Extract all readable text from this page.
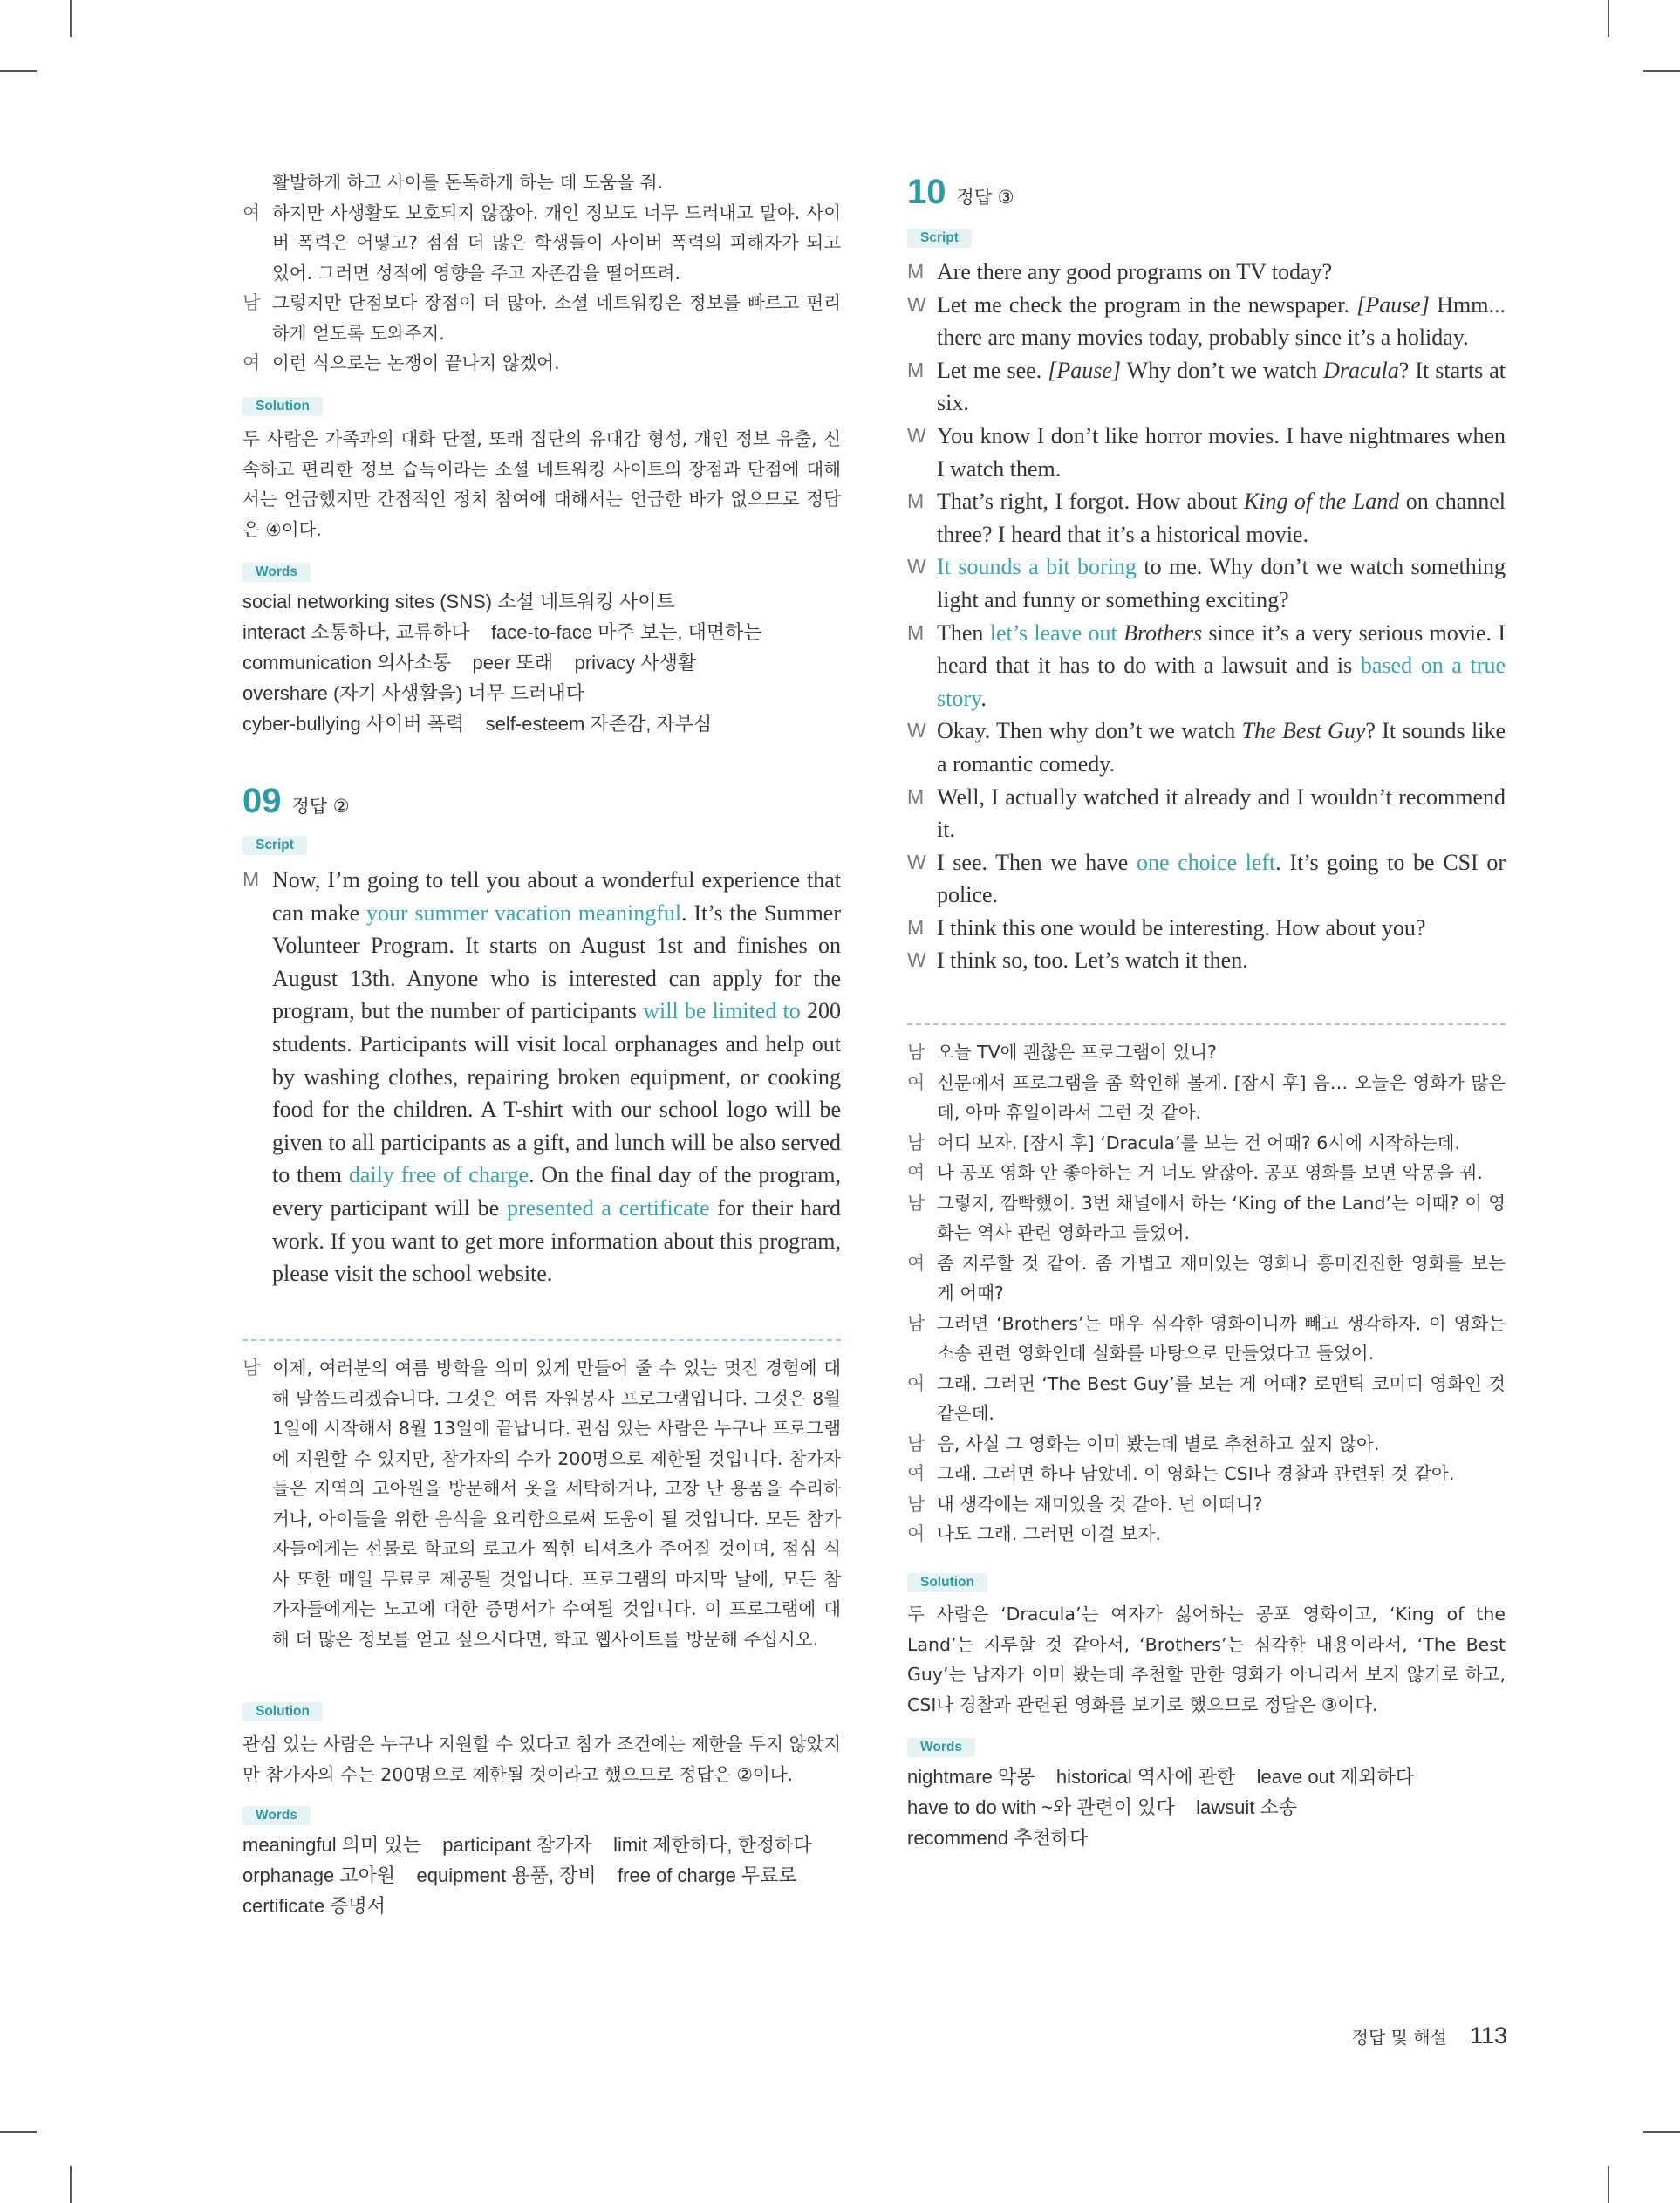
활발하게 하고 사이를 돈독하게 하는 데 도움을 줘.
여 하지만 사생활도 보호되지 않잖아. 개인 정보도 너무 드러내고 말야. 사이버 폭력은 어떻고? 점점 더 많은 학생들이 사이버 폭력의 피해자가 되고 있어. 그러면 성적에 영향을 주고 자존감을 떨어뜨려.
남 그렇지만 단점보다 장점이 더 많아. 소셜 네트워킹은 정보를 빠르고 편리하게 얻도록 도와주지.
여 이런 식으로는 논쟁이 끝나지 않겠어.
Solution
두 사람은 가족과의 대화 단절, 또래 집단의 유대감 형성, 개인 정보 유출, 신속하고 편리한 정보 습득이라는 소셜 네트워킹 사이트의 장점과 단점에 대해서는 언급했지만 간접적인 정치 참여에 대해서는 언급한 바가 없으므로 정답은 ④이다.
Words
social networking sites (SNS) 소셜 네트워킹 사이트
interact 소통하다, 교류하다    face-to-face 마주 보는, 대면하는
communication 의사소통    peer 또래    privacy 사생활
overshare (자기 사생활을) 너무 드러내다
cyber-bullying 사이버 폭력    self-esteem 자존감, 자부심
09 정답 ②
Script
M Now, I’m going to tell you about a wonderful experience that can make your summer vacation meaningful. It’s the Summer Volunteer Program. It starts on August 1st and finishes on August 13th. Anyone who is interested can apply for the program, but the number of participants will be limited to 200 students. Participants will visit local orphanages and help out by washing clothes, repairing broken equipment, or cooking food for the children. A T-shirt with our school logo will be given to all participants as a gift, and lunch will be also served to them daily free of charge. On the final day of the program, every participant will be presented a certificate for their hard work. If you want to get more information about this program, please visit the school website.
남 이제, 여러분의 여름 방학을 의미 있게 만들어 줄 수 있는 멋진 경험에 대해 말씀드리겠습니다. 그것은 여름 자원봉사 프로그램입니다. 그것은 8월 1일에 시작해서 8월 13일에 끝납니다. 관심 있는 사람은 누구나 프로그램에 지원할 수 있지만, 참가자의 수가 200명으로 제한될 것입니다. 참가자들은 지역의 고아원을 방문해서 옷을 세탁하거나, 고장 난 용품을 수리하거나, 아이들을 위한 음식을 요리함으로써 도움이 될 것입니다. 모든 참가자들에게는 선물로 학교의 로고가 찍힌 티셔츠가 주어질 것이며, 점심 식사 또한 매일 무료로 제공될 것입니다. 프로그램의 마지막 날에, 모든 참가자들에게는 노고에 대한 증명서가 수여될 것입니다. 이 프로그램에 대해 더 많은 정보를 얻고 싶으시다면, 학교 웹사이트를 방문해 주십시오.
Solution
관심 있는 사람은 누구나 지원할 수 있다고 참가 조건에는 제한을 두지 않았지만 참가자의 수는 200명으로 제한될 것이라고 했으므로 정답은 ②이다.
Words
meaningful 의미 있는    participant 참가자    limit 제한하다, 한정하다
orphanage 고아원    equipment 용품, 장비    free of charge 무료로
certificate 증명서
10 정답 ③
Script
M Are there any good programs on TV today?
W Let me check the program in the newspaper. [Pause] Hmm... there are many movies today, probably since it’s a holiday.
M Let me see. [Pause] Why don’t we watch Dracula? It starts at six.
W You know I don’t like horror movies. I have nightmares when I watch them.
M That’s right, I forgot. How about King of the Land on channel three? I heard that it’s a historical movie.
W It sounds a bit boring to me. Why don’t we watch something light and funny or something exciting?
M Then let’s leave out Brothers since it’s a very serious movie. I heard that it has to do with a lawsuit and is based on a true story.
W Okay. Then why don’t we watch The Best Guy? It sounds like a romantic comedy.
M Well, I actually watched it already and I wouldn’t recommend it.
W I see. Then we have one choice left. It’s going to be CSI or police.
M I think this one would be interesting. How about you?
W I think so, too. Let’s watch it then.
남 오늘 TV에 괜찮은 프로그램이 있니?
여 신문에서 프로그램을 좀 확인해 볼게. [잠시 후] 음… 오늘은 영화가 많은데, 아마 휴일이라서 그런 것 같아.
남 어디 보자. [잠시 후] ‘Dracula’를 보는 건 어때? 6시에 시작하는데.
여 나 공포 영화 안 좋아하는 거 너도 알잖아. 공포 영화를 보면 악몽을 꿔.
남 그렇지, 깜빡했어. 3번 채널에서 하는 ‘King of the Land’는 어때? 이 영화는 역사 관련 영화라고 들었어.
여 좀 지루할 것 같아. 좀 가볍고 재미있는 영화나 흥미진진한 영화를 보는 게 어때?
남 그러면 ‘Brothers’는 매우 심각한 영화이니까 빼고 생각하자. 이 영화는 소송 관련 영화인데 실화를 바탕으로 만들었다고 들었어.
여 그래. 그러면 ‘The Best Guy’를 보는 게 어때? 로맨틱 코미디 영화인 것 같은데.
남 음, 사실 그 영화는 이미 봤는데 별로 추천하고 싶지 않아.
여 그래. 그러면 하나 남았네. 이 영화는 CSI나 경찰과 관련된 것 같아.
남 내 생각에는 재미있을 것 같아. 넌 어떠니?
여 나도 그래. 그러면 이걸 보자.
Solution
두 사람은 ‘Dracula’는 여자가 싫어하는 공포 영화이고, ‘King of the Land’는 지루할 것 같아서, ‘Brothers’는 심각한 내용이라서, ‘The Best Guy’는 남자가 이미 봤는데 추천할 만한 영화가 아니라서 보지 않기로 하고, CSI나 경찰과 관련된 영화를 보기로 했으므로 정답은 ③이다.
Words
nightmare 악몽    historical 역사에 관한    leave out 제외하다
have to do with ~와 관련이 있다    lawsuit 소송
recommend 추천하다
정답 및 해설 113
